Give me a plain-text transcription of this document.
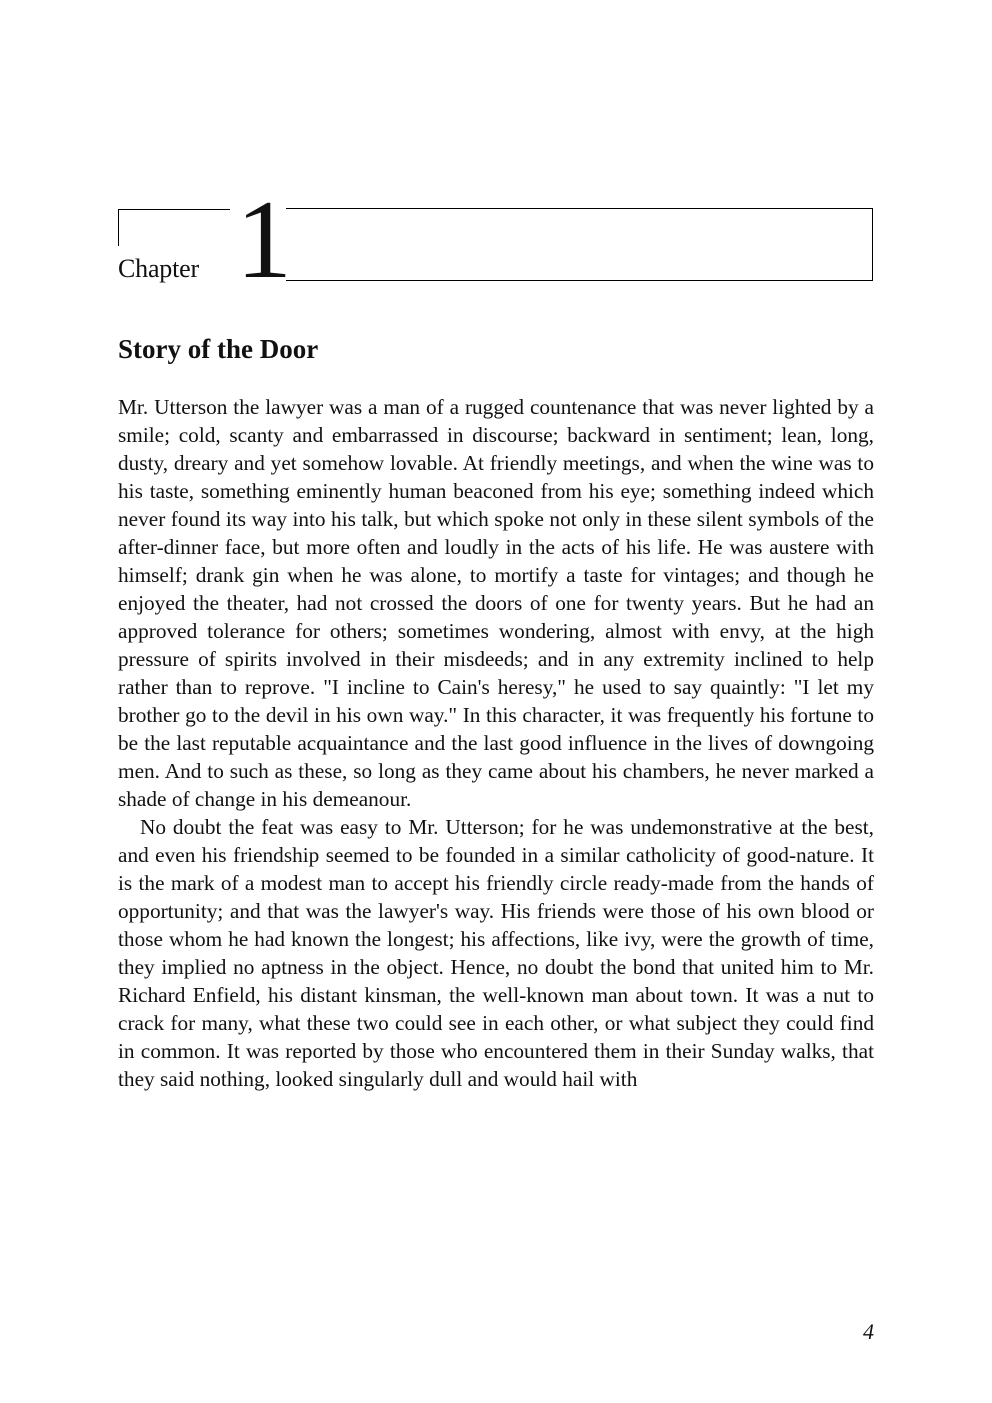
Chapter 1
Story of the Door

Mr. Utterson the lawyer was a man of a rugged countenance that was never lighted by a smile; cold, scanty and embarrassed in discourse; backward in sentiment; lean, long, dusty, dreary and yet somehow lovable. At friendly meetings, and when the wine was to his taste, something eminently human beaconed from his eye; something indeed which never found its way into his talk, but which spoke not only in these silent symbols of the after-dinner face, but more often and loudly in the acts of his life. He was austere with himself; drank gin when he was alone, to mortify a taste for vintages; and though he enjoyed the theater, had not crossed the doors of one for twenty years. But he had an approved tolerance for others; sometimes wondering, almost with envy, at the high pressure of spirits involved in their misdeeds; and in any extremity inclined to help rather than to reprove. "I incline to Cain's heresy," he used to say quaintly: "I let my brother go to the devil in his own way." In this character, it was frequently his fortune to be the last reputable acquaintance and the last good influence in the lives of downgoing men. And to such as these, so long as they came about his chambers, he never marked a shade of change in his demeanour.

No doubt the feat was easy to Mr. Utterson; for he was undemonstrative at the best, and even his friendship seemed to be founded in a similar catholicity of good-nature. It is the mark of a modest man to accept his friendly circle ready-made from the hands of opportunity; and that was the lawyer's way. His friends were those of his own blood or those whom he had known the longest; his affections, like ivy, were the growth of time, they implied no aptness in the object. Hence, no doubt the bond that united him to Mr. Richard Enfield, his distant kinsman, the well-known man about town. It was a nut to crack for many, what these two could see in each other, or what subject they could find in common. It was reported by those who encountered them in their Sunday walks, that they said nothing, looked singularly dull and would hail with

4
